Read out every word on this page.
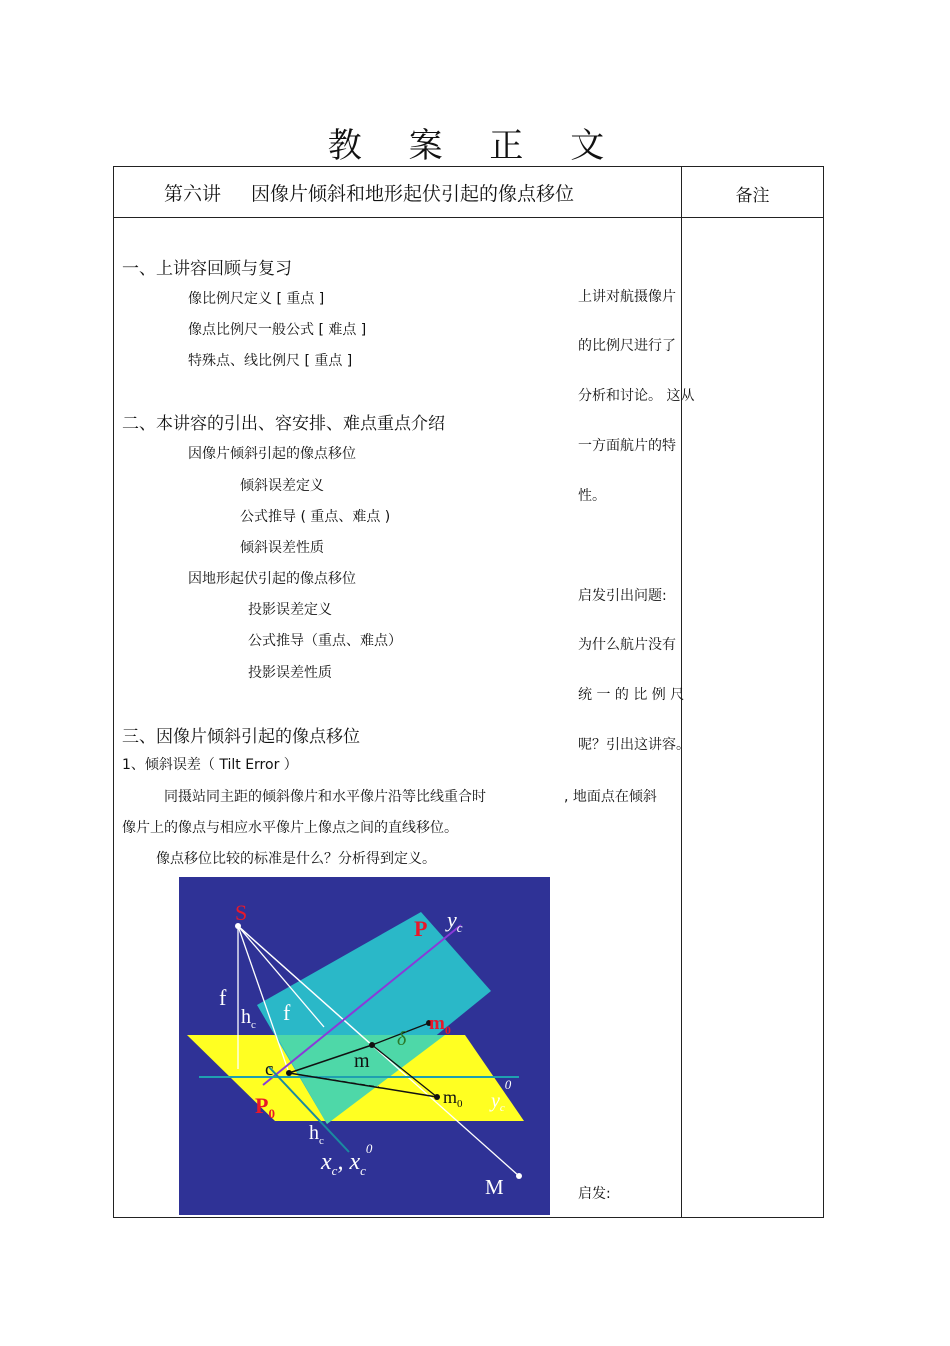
教 案 正 文
第六讲 因像片倾斜和地形起伏引起的像点移位	备注
一、上讲容回顾与复习
像比例尺定义 [ 重点 ]
像点比例尺一般公式 [ 难点 ]
特殊点、线比例尺 [ 重点 ]
二、本讲容的引出、容安排、难点重点介绍
因像片倾斜引起的像点移位
倾斜误差定义
公式推导 ( 重点、难点 )
倾斜误差性质
因地形起伏引起的像点移位
投影误差定义
公式推导（重点、难点）
投影误差性质
三、因像片倾斜引起的像点移位
1、倾斜误差（ Tilt Error ）
同摄站同主距的倾斜像片和水平像片沿等比线重合时	, 地面点在倾斜
像片上的像点与相应水平像片上像点之间的直线移位。
像点移位比较的标准是什么？分析得到定义。
S
P $y_c$
f
$h_c$ f	$m_0$
δ
m
c
$P_0$
$m_0$ $y_c^0$
$h_c$
$x_c$, $x_c^0$
M
上讲对航摄像片
的比例尺进行了
分析和讨论。 这从
一方面航片的特
性。
启发引出问题:
为什么航片没有
统 一 的 比 例 尺
呢？引出这讲容。
启发:
